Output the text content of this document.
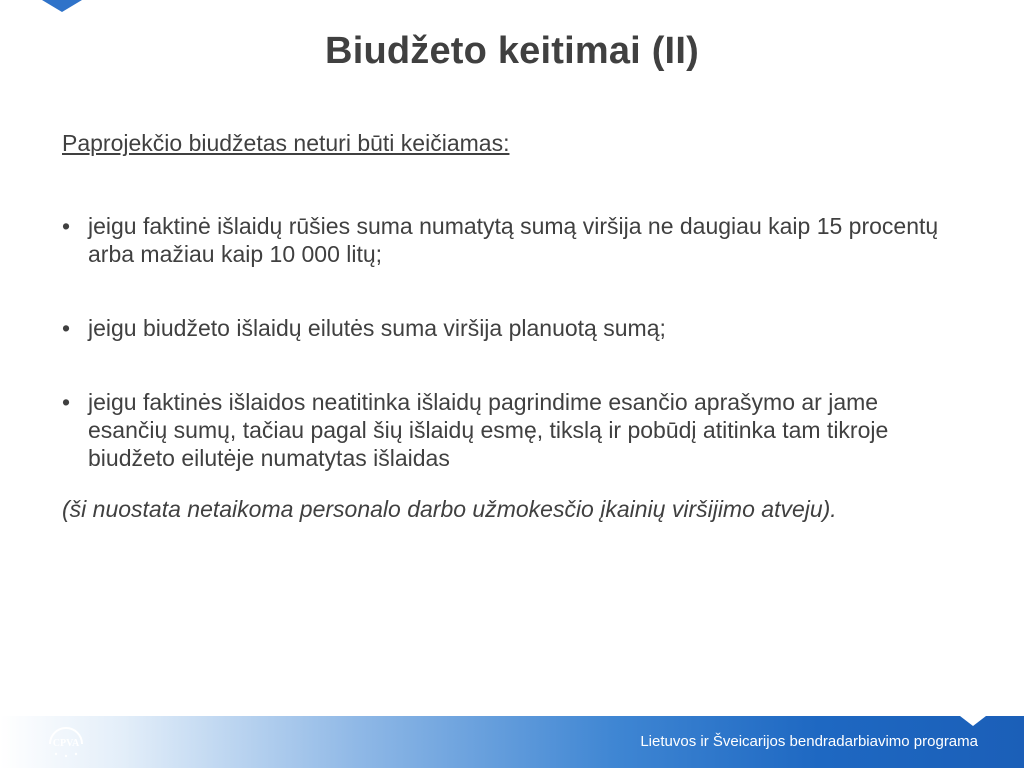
Biudžeto keitimai (II)
Paprojekčio biudžetas neturi būti keičiamas:
• jeigu faktinė išlaidų rūšies suma numatytą sumą viršija ne daugiau kaip 15 procentų arba mažiau kaip 10 000 litų;
• jeigu biudžeto išlaidų eilutės suma viršija planuotą sumą;
• jeigu faktinės išlaidos neatitinka išlaidų pagrindime esančio aprašymo ar jame esančių sumų, tačiau pagal šių išlaidų esmę, tikslą ir pobūdį atitinka tam tikroje biudžeto eilutėje numatytas išlaidas
(ši nuostata netaikoma personalo darbo užmokesčio įkainių viršijimo atveju).
CPVA	Lietuvos ir Šveicarijos bendradarbiavimo programa
